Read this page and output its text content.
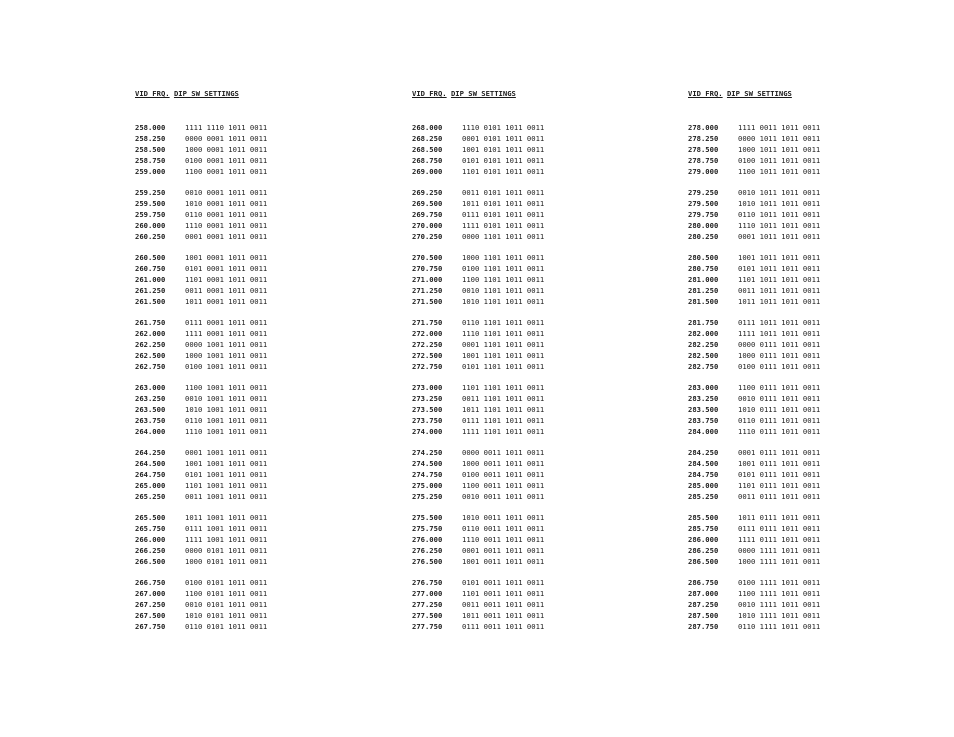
VID FRQ. DIP SW SETTINGS
258.000	1111 1110 1011 0011
258.250	0000 0001 1011 0011
258.500	1000 0001 1011 0011
258.750	0100 0001 1011 0011
259.000	1100 0001 1011 0011
259.250	0010 0001 1011 0011
259.500	1010 0001 1011 0011
259.750	0110 0001 1011 0011
260.000	1110 0001 1011 0011
260.250	0001 0001 1011 0011
260.500	1001 0001 1011 0011
260.750	0101 0001 1011 0011
261.000	1101 0001 1011 0011
261.250	0011 0001 1011 0011
261.500	1011 0001 1011 0011
261.750	0111 0001 1011 0011
262.000	1111 0001 1011 0011
262.250	0000 1001 1011 0011
262.500	1000 1001 1011 0011
262.750	0100 1001 1011 0011
263.000	1100 1001 1011 0011
263.250	0010 1001 1011 0011
263.500	1010 1001 1011 0011
263.750	0110 1001 1011 0011
264.000	1110 1001 1011 0011
264.250	0001 1001 1011 0011
264.500	1001 1001 1011 0011
264.750	0101 1001 1011 0011
265.000	1101 1001 1011 0011
265.250	0011 1001 1011 0011
265.500	1011 1001 1011 0011
265.750	0111 1001 1011 0011
266.000	1111 1001 1011 0011
266.250	0000 0101 1011 0011
266.500	1000 0101 1011 0011
266.750	0100 0101 1011 0011
267.000	1100 0101 1011 0011
267.250	0010 0101 1011 0011
267.500	1010 0101 1011 0011
267.750	0110 0101 1011 0011
VID FRQ. DIP SW SETTINGS
268.000	1110 0101 1011 0011
268.250	0001 0101 1011 0011
268.500	1001 0101 1011 0011
268.750	0101 0101 1011 0011
269.000	1101 0101 1011 0011
269.250	0011 0101 1011 0011
269.500	1011 0101 1011 0011
269.750	0111 0101 1011 0011
270.000	1111 0101 1011 0011
270.250	0000 1101 1011 0011
270.500	1000 1101 1011 0011
270.750	0100 1101 1011 0011
271.000	1100 1101 1011 0011
271.250	0010 1101 1011 0011
271.500	1010 1101 1011 0011
271.750	0110 1101 1011 0011
272.000	1110 1101 1011 0011
272.250	0001 1101 1011 0011
272.500	1001 1101 1011 0011
272.750	0101 1101 1011 0011
273.000	1101 1101 1011 0011
273.250	0011 1101 1011 0011
273.500	1011 1101 1011 0011
273.750	0111 1101 1011 0011
274.000	1111 1101 1011 0011
274.250	0000 0011 1011 0011
274.500	1000 0011 1011 0011
274.750	0100 0011 1011 0011
275.000	1100 0011 1011 0011
275.250	0010 0011 1011 0011
275.500	1010 0011 1011 0011
275.750	0110 0011 1011 0011
276.000	1110 0011 1011 0011
276.250	0001 0011 1011 0011
276.500	1001 0011 1011 0011
276.750	0101 0011 1011 0011
277.000	1101 0011 1011 0011
277.250	0011 0011 1011 0011
277.500	1011 0011 1011 0011
277.750	0111 0011 1011 0011
VID FRQ. DIP SW SETTINGS
278.000	1111 0011 1011 0011
278.250	0000 1011 1011 0011
278.500	1000 1011 1011 0011
278.750	0100 1011 1011 0011
279.000	1100 1011 1011 0011
279.250	0010 1011 1011 0011
279.500	1010 1011 1011 0011
279.750	0110 1011 1011 0011
280.000	1110 1011 1011 0011
280.250	0001 1011 1011 0011
280.500	1001 1011 1011 0011
280.750	0101 1011 1011 0011
281.000	1101 1011 1011 0011
281.250	0011 1011 1011 0011
281.500	1011 1011 1011 0011
281.750	0111 1011 1011 0011
282.000	1111 1011 1011 0011
282.250	0000 0111 1011 0011
282.500	1000 0111 1011 0011
282.750	0100 0111 1011 0011
283.000	1100 0111 1011 0011
283.250	0010 0111 1011 0011
283.500	1010 0111 1011 0011
283.750	0110 0111 1011 0011
284.000	1110 0111 1011 0011
284.250	0001 0111 1011 0011
284.500	1001 0111 1011 0011
284.750	0101 0111 1011 0011
285.000	1101 0111 1011 0011
285.250	0011 0111 1011 0011
285.500	1011 0111 1011 0011
285.750	0111 0111 1011 0011
286.000	1111 0111 1011 0011
286.250	0000 1111 1011 0011
286.500	1000 1111 1011 0011
286.750	0100 1111 1011 0011
287.000	1100 1111 1011 0011
287.250	0010 1111 1011 0011
287.500	1010 1111 1011 0011
287.750	0110 1111 1011 0011
